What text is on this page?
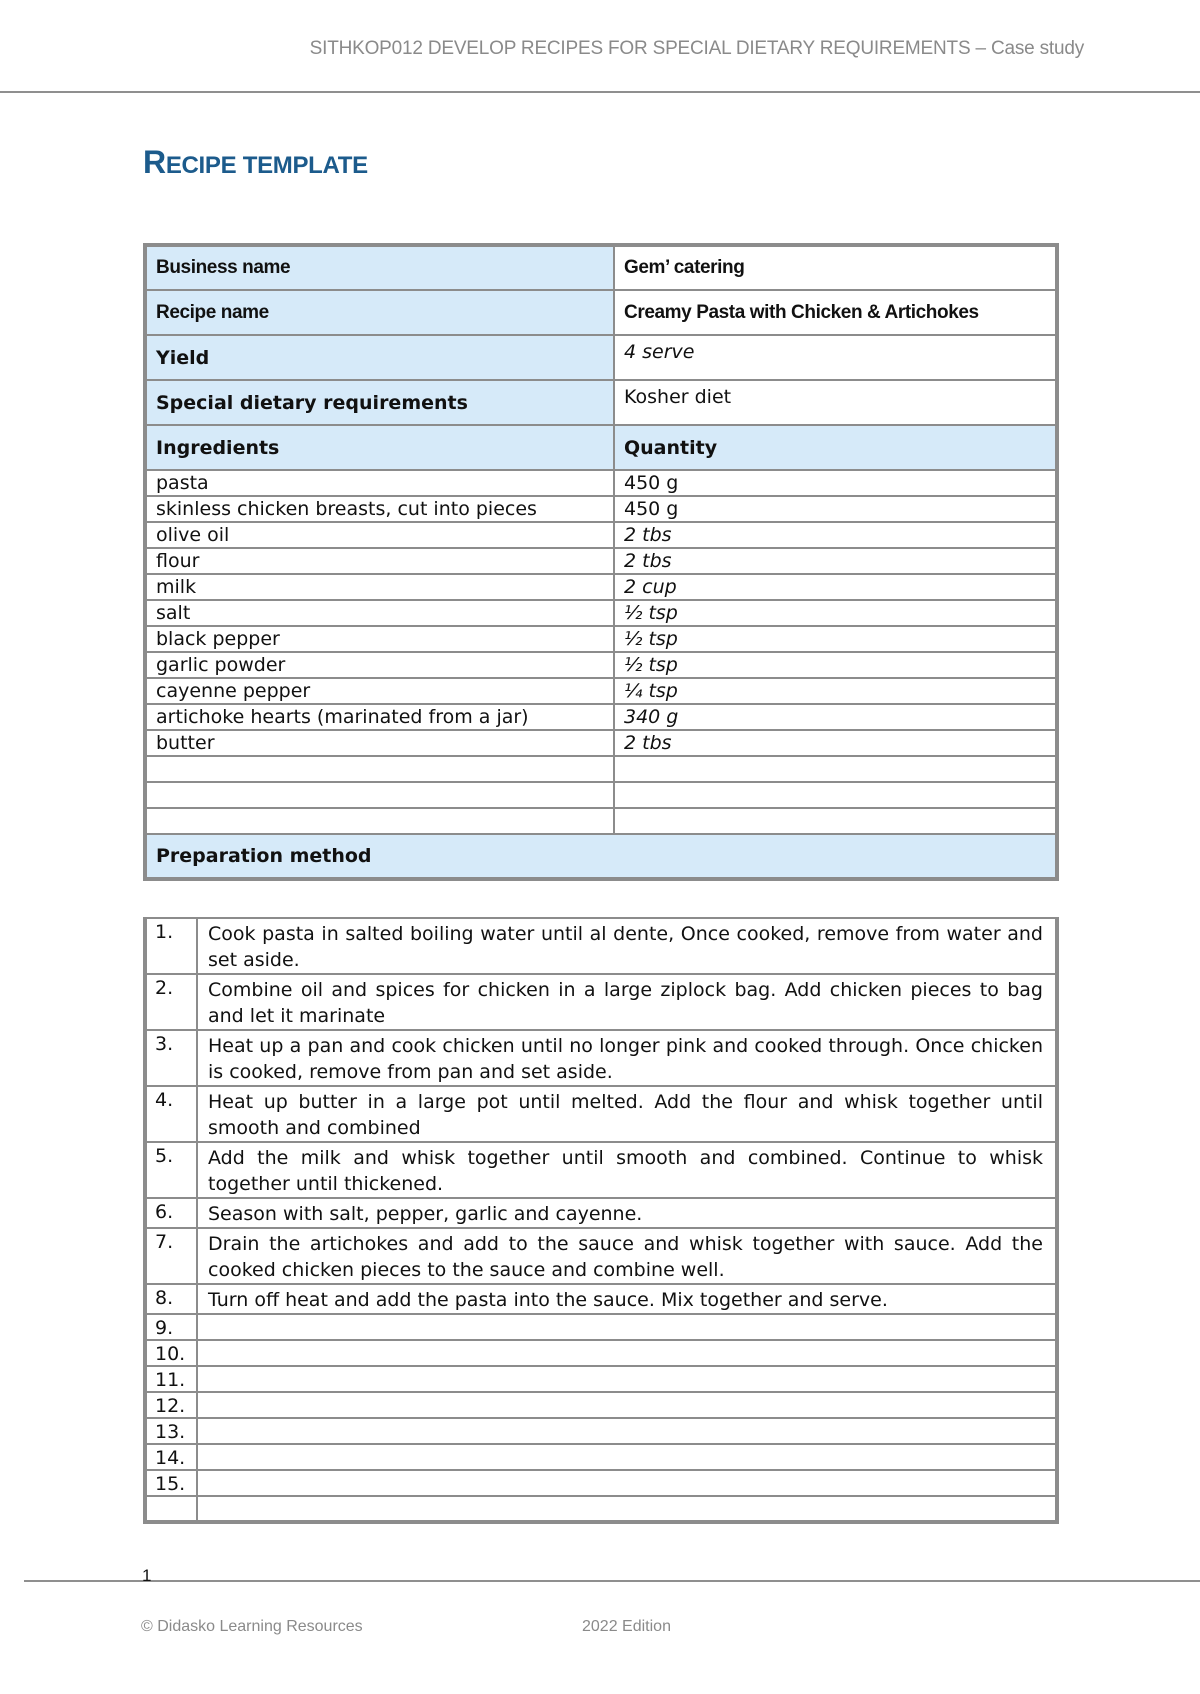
SITHKOP012 DEVELOP RECIPES FOR SPECIAL DIETARY REQUIREMENTS – Case study
RECIPE TEMPLATE
Business name	Gem’ catering
Recipe name	Creamy Pasta with Chicken & Artichokes
Yield	4 serve
Special dietary requirements	Kosher diet
Ingredients	Quantity
pasta	450 g
skinless chicken breasts, cut into pieces	450 g
olive oil	2 tbs
flour	2 tbs
milk	2 cup
salt	½ tsp
black pepper	½ tsp
garlic powder	½ tsp
cayenne pepper	¼ tsp
artichoke hearts (marinated from a jar)	340 g
butter	2 tbs

Preparation method	
1.	Cook pasta in salted boiling water until al dente, Once cooked, remove from water and set aside.
2.	Combine oil and spices for chicken in a large ziplock bag. Add chicken pieces to bag and let it marinate
3.	Heat up a pan and cook chicken until no longer pink and cooked through. Once chicken is cooked, remove from pan and set aside.
4.	Heat up butter in a large pot until melted. Add the flour and whisk together until smooth and combined
5.	Add the milk and whisk together until smooth and combined. Continue to whisk together until thickened.
6.	Season with salt, pepper, garlic and cayenne.
7.	Drain the artichokes and add to the sauce and whisk together with sauce. Add the cooked chicken pieces to the sauce and combine well.
8.	Turn off heat and add the pasta into the sauce. Mix together and serve.
9.	
10.	
11.	
12.	
13.	
14.	
15.	

1
© Didasko Learning Resources	2022 Edition
